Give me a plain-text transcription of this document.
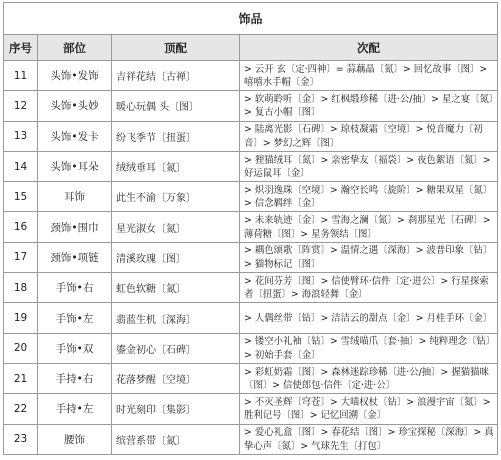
饰品			
序号	部位	顶配	次配
11	头饰•发饰	吉祥花结〔古禅〕	> 云开 玄〔定·四神〕= 蒜藕晶〔氮〕> 回忆故事〔图〕> 嘻嘻水手帽〔金〕
12	头饰•头妙	暖心玩偶 头〔图〕	> 软萌聆听〔金〕> 红枫缎珍稀〔进·公/抽〕> 星之宴〔氮〕> 复古小帽〔图〕
13	头饰•发卡	纷飞季节〔扭蛋〕	> 陆离光影〔石碑〕> 琼枝凝霜〔空境〕> 悦音魔力〔初音〕> 梦幻之辉〔图〕
14	头饰•耳朵	绒绒垂耳〔氮〕	> 狸猫绒耳〔氮〕> 亲密挚友〔福袋〕> 夜色絮语〔氮〕> 好运鼠耳〔金〕
15	耳饰	此生不渝〔万象〕	> 炽羽逸珠〔空境〕> 瀚空长鸣〔旋阶〕> 糖果双星〔氮〕> 信念羁绊〔金〕
16	颈饰•围巾	星光淑女〔氮〕	> 未来轨迹〔金〕> 雪海之澜〔氮〕> 刹那星光〔石碑〕> 薄荷糖〔图〕> 星务领结〔图〕
17	颈饰•项链	清溪玫瑰〔图〕	> 耦色颂歌〔阵赏〕> 温情之遇〔深海〕> 波普印象〔钻〕> 猫物标记〔图〕
18	手饰•右	虹色软糖〔氮〕	> 花间芬芳〔图〕> 信使臂环·信件〔定·进公〕> 行星探索者〔扭蛋〕> 海浪轻舞〔金〕
19	手饰•左	翡蓝生机〔深海〕	> 人偶丝带〔钻〕> 洁洁云的甜点〔金〕> 月桂手环〔金〕
20	手饰•双	鎏金初心〔石碑〕	> 镂空小礼袖〔钻〕> 雪绒喵爪〔套·抽〕> 纯粹理念〔钻〕> 初始手套〔金〕
21	手持•右	花落梦醒〔空境〕	> 彩虹奶霜〔图〕> 森林迷踪珍稀〔进·公/抽〕> 握猫猫咪〔图〕> 信使郎包·信件〔定·进·公〕
22	手持•左	时光刻印〔集影〕	> 不灭圣辉〔穹苍〕> 大喵权杖〔钻〕> 浪漫宇宙〔氮〕> 胜利记号〔图〕> 记忆回溯〔金〕
23	腰饰	缤营系带〔氮〕	> 爱心礼盒〔图〕> 春花结〔图〕> 珍宝探秘〔深海〕> 真挚心声〔氮〕> 气球先生〔打包〕
